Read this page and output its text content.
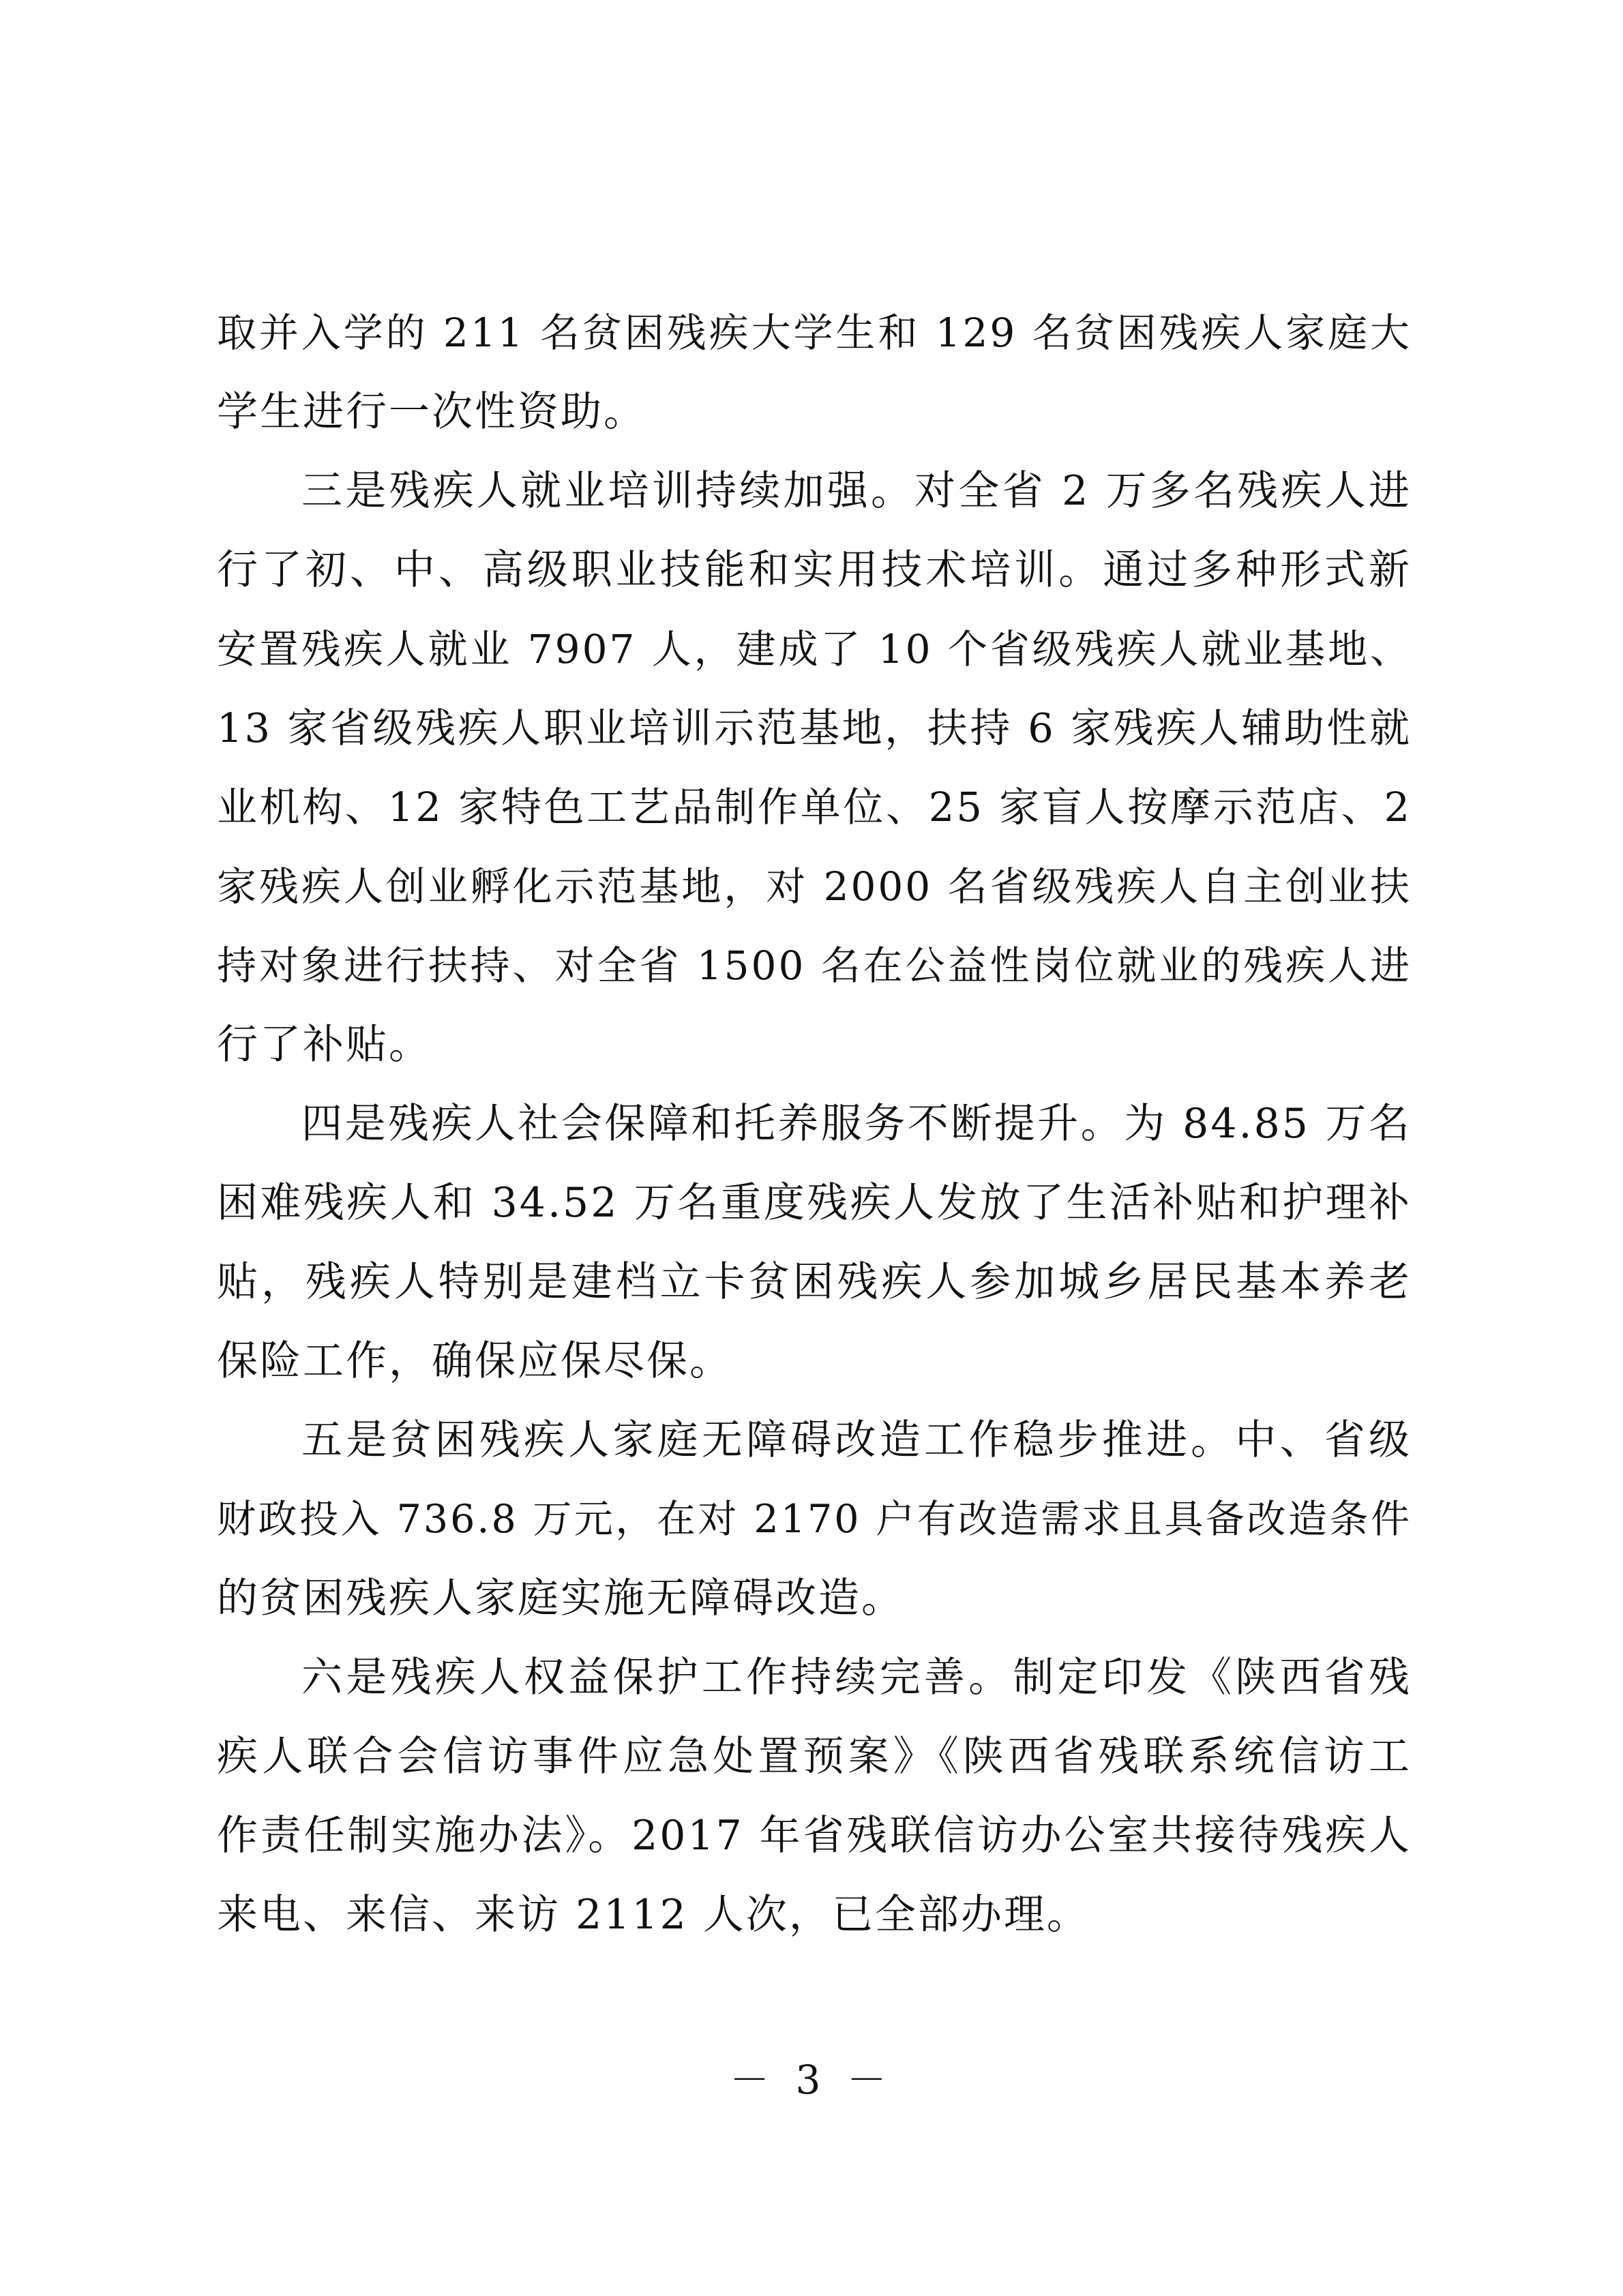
取并入学的 211 名贫困残疾大学生和 129 名贫困残疾人家庭大
学生进行一次性资助。
三是残疾人就业培训持续加强。对全省 2 万多名残疾人进
行了初、中、高级职业技能和实用技术培训。通过多种形式新
安置残疾人就业 7907 人，建成了 10 个省级残疾人就业基地、
13 家省级残疾人职业培训示范基地，扶持 6 家残疾人辅助性就
业机构、12 家特色工艺品制作单位、25 家盲人按摩示范店、2
家残疾人创业孵化示范基地，对 2000 名省级残疾人自主创业扶
持对象进行扶持、对全省 1500 名在公益性岗位就业的残疾人进
行了补贴。
四是残疾人社会保障和托养服务不断提升。为 84.85 万名
困难残疾人和 34.52 万名重度残疾人发放了生活补贴和护理补
贴，残疾人特别是建档立卡贫困残疾人参加城乡居民基本养老
保险工作，确保应保尽保。
五是贫困残疾人家庭无障碍改造工作稳步推进。中、省级
财政投入 736.8 万元，在对 2170 户有改造需求且具备改造条件
的贫困残疾人家庭实施无障碍改造。
六是残疾人权益保护工作持续完善。制定印发《陕西省残
疾人联合会信访事件应急处置预案》《陕西省残联系统信访工
作责任制实施办法》。2017 年省残联信访办公室共接待残疾人
来电、来信、来访 2112 人次，已全部办理。
－ 3 －
